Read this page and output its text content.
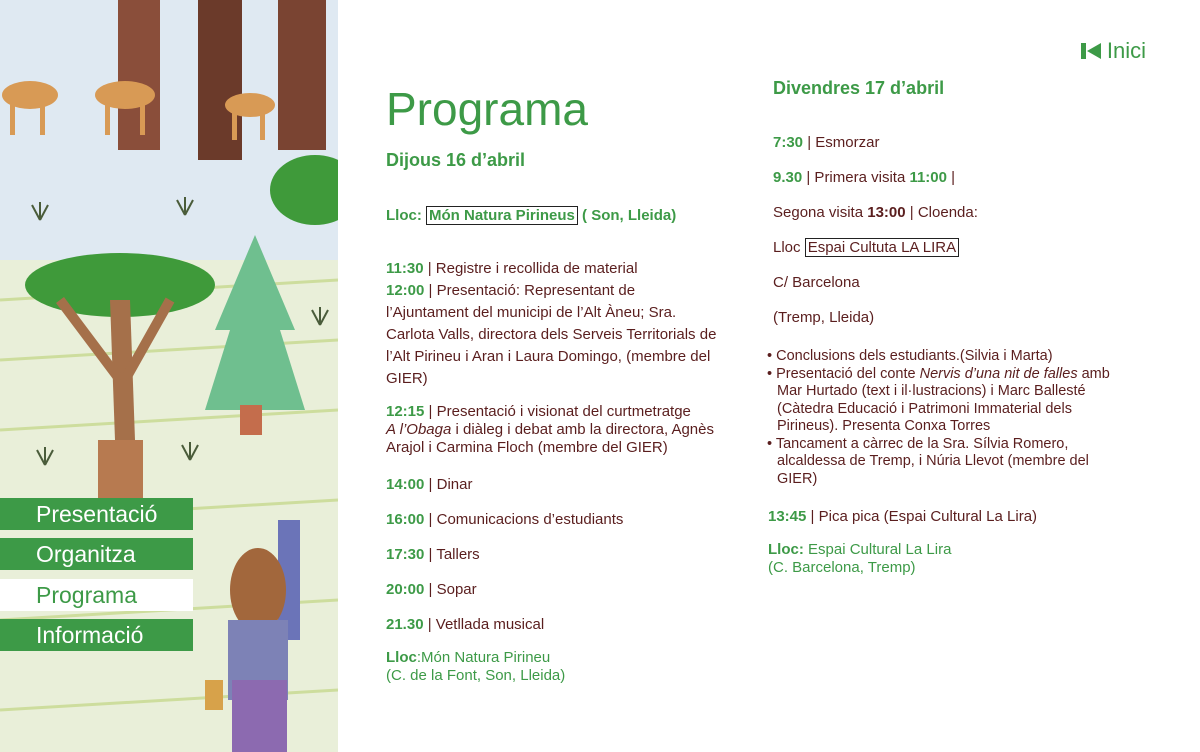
Presentació
Organitza
Programa
Informació
Inici
Programa
Dijous 16 d’abril
Lloc: Món Natura Pirineus ( Son, Lleida)
11:30 | Registre i recollida de material
12:00 | Presentació: Representant de l’Ajuntament del municipi de l’Alt Àneu; Sra. Carlota Valls, directora dels Serveis Territorials de l’Alt Pirineu i Aran i Laura Domingo, (membre del GIER)
12:15 | Presentació i visionat del curtmetratge
A l’Obaga i diàleg i debat amb la directora, Agnès Arajol i Carmina Floch (membre del GIER)
14:00 | Dinar
16:00 | Comunicacions d’estudiants
17:30 | Tallers
20:00 | Sopar
21.30 | Vetllada musical
Lloc:Món Natura Pirineu
(C. de la Font, Son, Lleida)
Divendres 17 d’abril
7:30 | Esmorzar
9.30 | Primera visita 11:00 |
Segona visita 13:00 | Cloenda:
Lloc Espai Cultuta LA LIRA
C/ Barcelona
(Tremp, Lleida)
• Conclusions dels estudiants.(Silvia i Marta)
• Presentació del conte Nervis d’una nit de falles amb Mar Hurtado (text i il·lustracions) i Marc Ballesté (Càtedra Educació i Patrimoni Immaterial dels Pirineus). Presenta Conxa Torres
• Tancament a càrrec de la Sra. Sílvia Romero, alcaldessa de Tremp, i Núria Llevot (membre del GIER)
13:45 | Pica pica (Espai Cultural La Lira)
Lloc: Espai Cultural La Lira
(C. Barcelona, Tremp)
